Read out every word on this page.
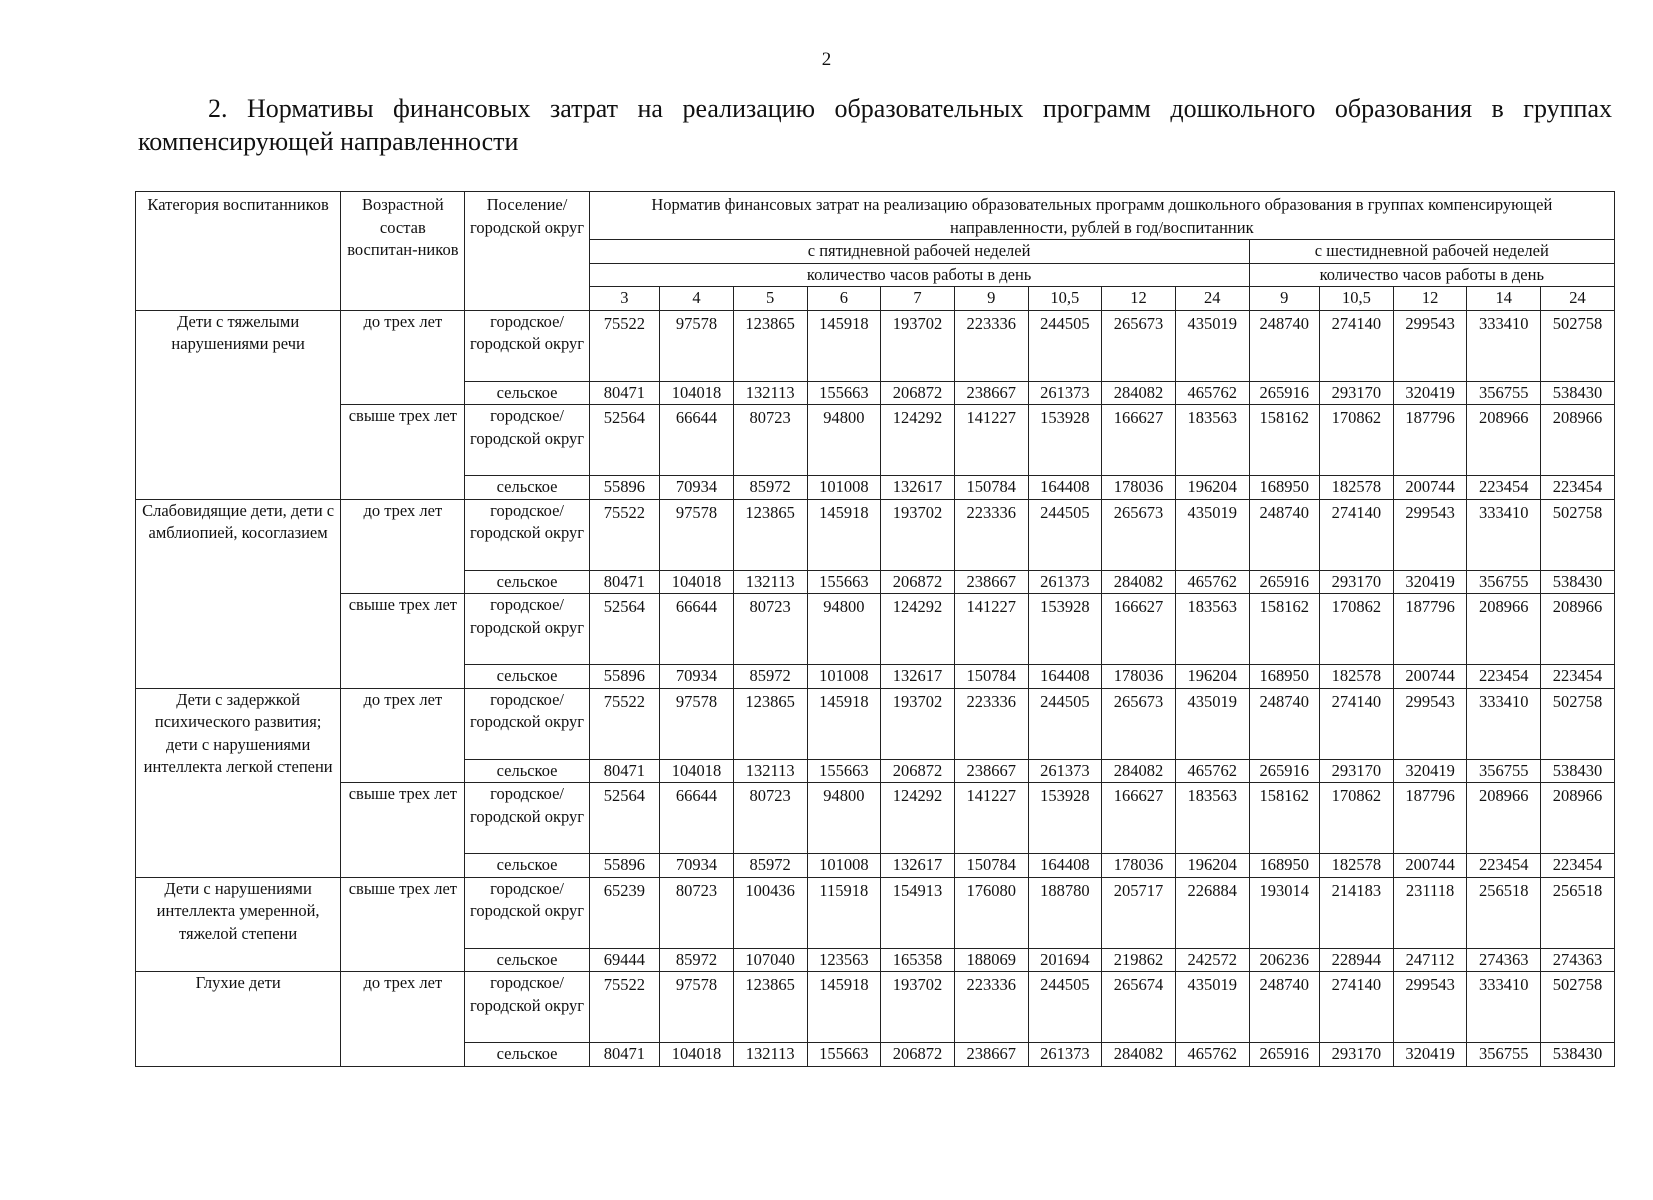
2
2. Нормативы финансовых затрат на реализацию образовательных программ дошкольного образования в группах компенсирующей направленности
Категория воспитанников	Возрастной состав воспитан-ников	Поселение/ городской округ	Норматив финансовых затрат на реализацию образовательных программ дошкольного образования в группах компенсирующей направленности, рублей в год/воспитанник													
			с пятидневной рабочей неделей									с шестидневной рабочей неделей				
			количество часов работы в день									количество часов работы в день				
			3	4	5	6	7	9	10,5	12	24	9	10,5	12	14	24

Дети с тяжелыми нарушениями речи	до трех лет	городское/ городской округ	75522	97578	123865	145918	193702	223336	244505	265673	435019	248740	274140	299543	333410	502758
		сельское	80471	104018	132113	155663	206872	238667	261373	284082	465762	265916	293170	320419	356755	538430
	свыше трех лет	городское/ городской округ	52564	66644	80723	94800	124292	141227	153928	166627	183563	158162	170862	187796	208966	208966
		сельское	55896	70934	85972	101008	132617	150784	164408	178036	196204	168950	182578	200744	223454	223454
Слабовидящие дети, дети с амблиопией, косоглазием	до трех лет	городское/ городской округ	75522	97578	123865	145918	193702	223336	244505	265673	435019	248740	274140	299543	333410	502758
		сельское	80471	104018	132113	155663	206872	238667	261373	284082	465762	265916	293170	320419	356755	538430
	свыше трех лет	городское/ городской округ	52564	66644	80723	94800	124292	141227	153928	166627	183563	158162	170862	187796	208966	208966
		сельское	55896	70934	85972	101008	132617	150784	164408	178036	196204	168950	182578	200744	223454	223454
Дети с задержкой психического развития; дети с нарушениями интеллекта легкой степени	до трех лет	городское/ городской округ	75522	97578	123865	145918	193702	223336	244505	265673	435019	248740	274140	299543	333410	502758
		сельское	80471	104018	132113	155663	206872	238667	261373	284082	465762	265916	293170	320419	356755	538430
	свыше трех лет	городское/ городской округ	52564	66644	80723	94800	124292	141227	153928	166627	183563	158162	170862	187796	208966	208966
		сельское	55896	70934	85972	101008	132617	150784	164408	178036	196204	168950	182578	200744	223454	223454
Дети с нарушениями интеллекта умеренной, тяжелой степени	свыше трех лет	городское/ городской округ	65239	80723	100436	115918	154913	176080	188780	205717	226884	193014	214183	231118	256518	256518
		сельское	69444	85972	107040	123563	165358	188069	201694	219862	242572	206236	228944	247112	274363	274363
Глухие дети	до трех лет	городское/ городской округ	75522	97578	123865	145918	193702	223336	244505	265674	435019	248740	274140	299543	333410	502758
		сельское	80471	104018	132113	155663	206872	238667	261373	284082	465762	265916	293170	320419	356755	538430
